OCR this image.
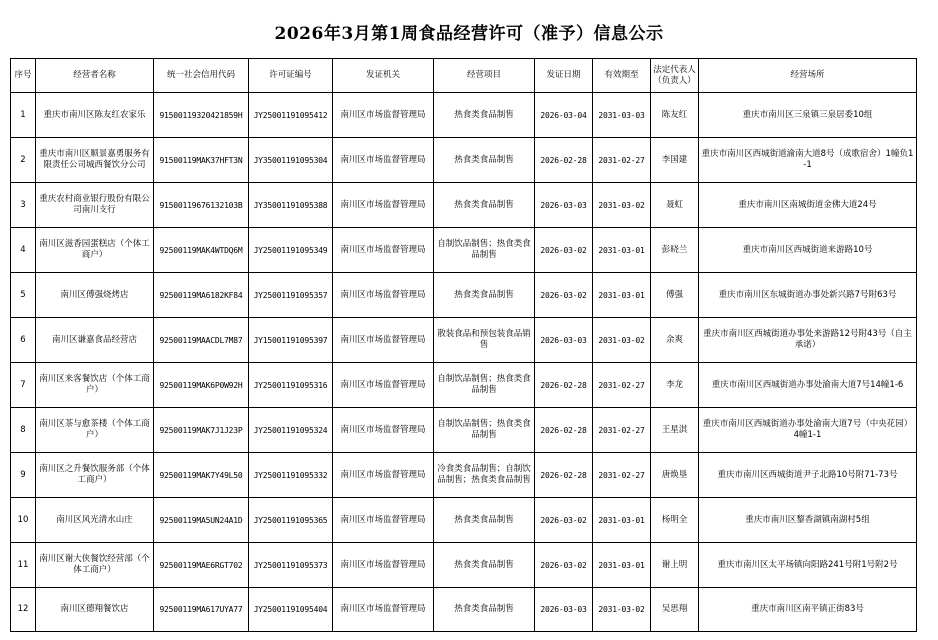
2026年3月第1周食品经营许可（准予）信息公示
序号	经营者名称	统一社会信用代码	许可证编号	发证机关	经营项目	发证日期	有效期至	法定代表人（负责人）	经营场所
1	重庆市南川区陈友红农家乐	91500119320421859H	JY25001191095412	南川区市场监督管理局	热食类食品制售	2026-03-04	2031-03-03	陈友红	重庆市南川区三泉镇三泉居委10组
2	重庆市南川区顺景嘉勇服务有限责任公司城西餐饮分公司	91500119MAK37HFT3N	JY35001191095304	南川区市场监督管理局	热食类食品制售	2026-02-28	2031-02-27	李国建	重庆市南川区西城街道渝南大道8号（成歌宿舍）1幢负1-1
3	重庆农村商业银行股份有限公司南川支行	91500119676132103B	JY35001191095388	南川区市场监督管理局	热食类食品制售	2026-03-03	2031-03-02	聂虹	重庆市南川区南城街道金佛大道24号
4	南川区滋香园蛋糕店（个体工商户）	92500119MAK4WTDQ6M	JY25001191095349	南川区市场监督管理局	自制饮品制售；热食类食品制售	2026-03-02	2031-03-01	彭晓兰	重庆市南川区西城街道来游路10号
5	南川区傅强烧烤店	92500119MA6182KF84	JY25001191095357	南川区市场监督管理局	热食类食品制售	2026-03-02	2031-03-01	傅强	重庆市南川区东城街道办事处新兴路7号附63号
6	南川区谦嘉食品经营店	92500119MAACDL7M87	JY15001191095397	南川区市场监督管理局	散装食品和预包装食品销售	2026-03-03	2031-03-02	余爽	重庆市南川区西城街道办事处来游路12号附43号（自主承诺）
7	南川区来客餐饮店（个体工商户）	92500119MAK6P0W92H	JY25001191095316	南川区市场监督管理局	自制饮品制售；热食类食品制售	2026-02-28	2031-02-27	李龙	重庆市南川区西城街道办事处渝南大道7号14幢1-6
8	南川区茶与愈茶楼（个体工商户）	92500119MAK7J1J23P	JY25001191095324	南川区市场监督管理局	自制饮品制售；热食类食品制售	2026-02-28	2031-02-27	王星淇	重庆市南川区西城街道办事处渝南大道7号（中央花园）4幢1-1
9	南川区之升餐饮服务部（个体工商户）	92500119MAK7Y49L50	JY25001191095332	南川区市场监督管理局	冷食类食品制售；自制饮品制售；热食类食品制售	2026-02-28	2031-02-27	唐焕垦	重庆市南川区西城街道尹子北路10号附71-73号
10	南川区风光清水山庄	92500119MA5UN24A1D	JY25001191095365	南川区市场监督管理局	热食类食品制售	2026-03-02	2031-03-01	杨明全	重庆市南川区黎香湖镇南湖村5组
11	南川区谢大侠餐饮经营部（个体工商户）	92500119MAE6RGT702	JY25001191095373	南川区市场监督管理局	热食类食品制售	2026-03-02	2031-03-01	谢上明	重庆市南川区太平场镇向阳路241号附1号附2号
12	南川区德翔餐饮店	92500119MA617UYA77	JY25001191095404	南川区市场监督管理局	热食类食品制售	2026-03-03	2031-03-02	吴思翔	重庆市南川区南平镇正街83号
